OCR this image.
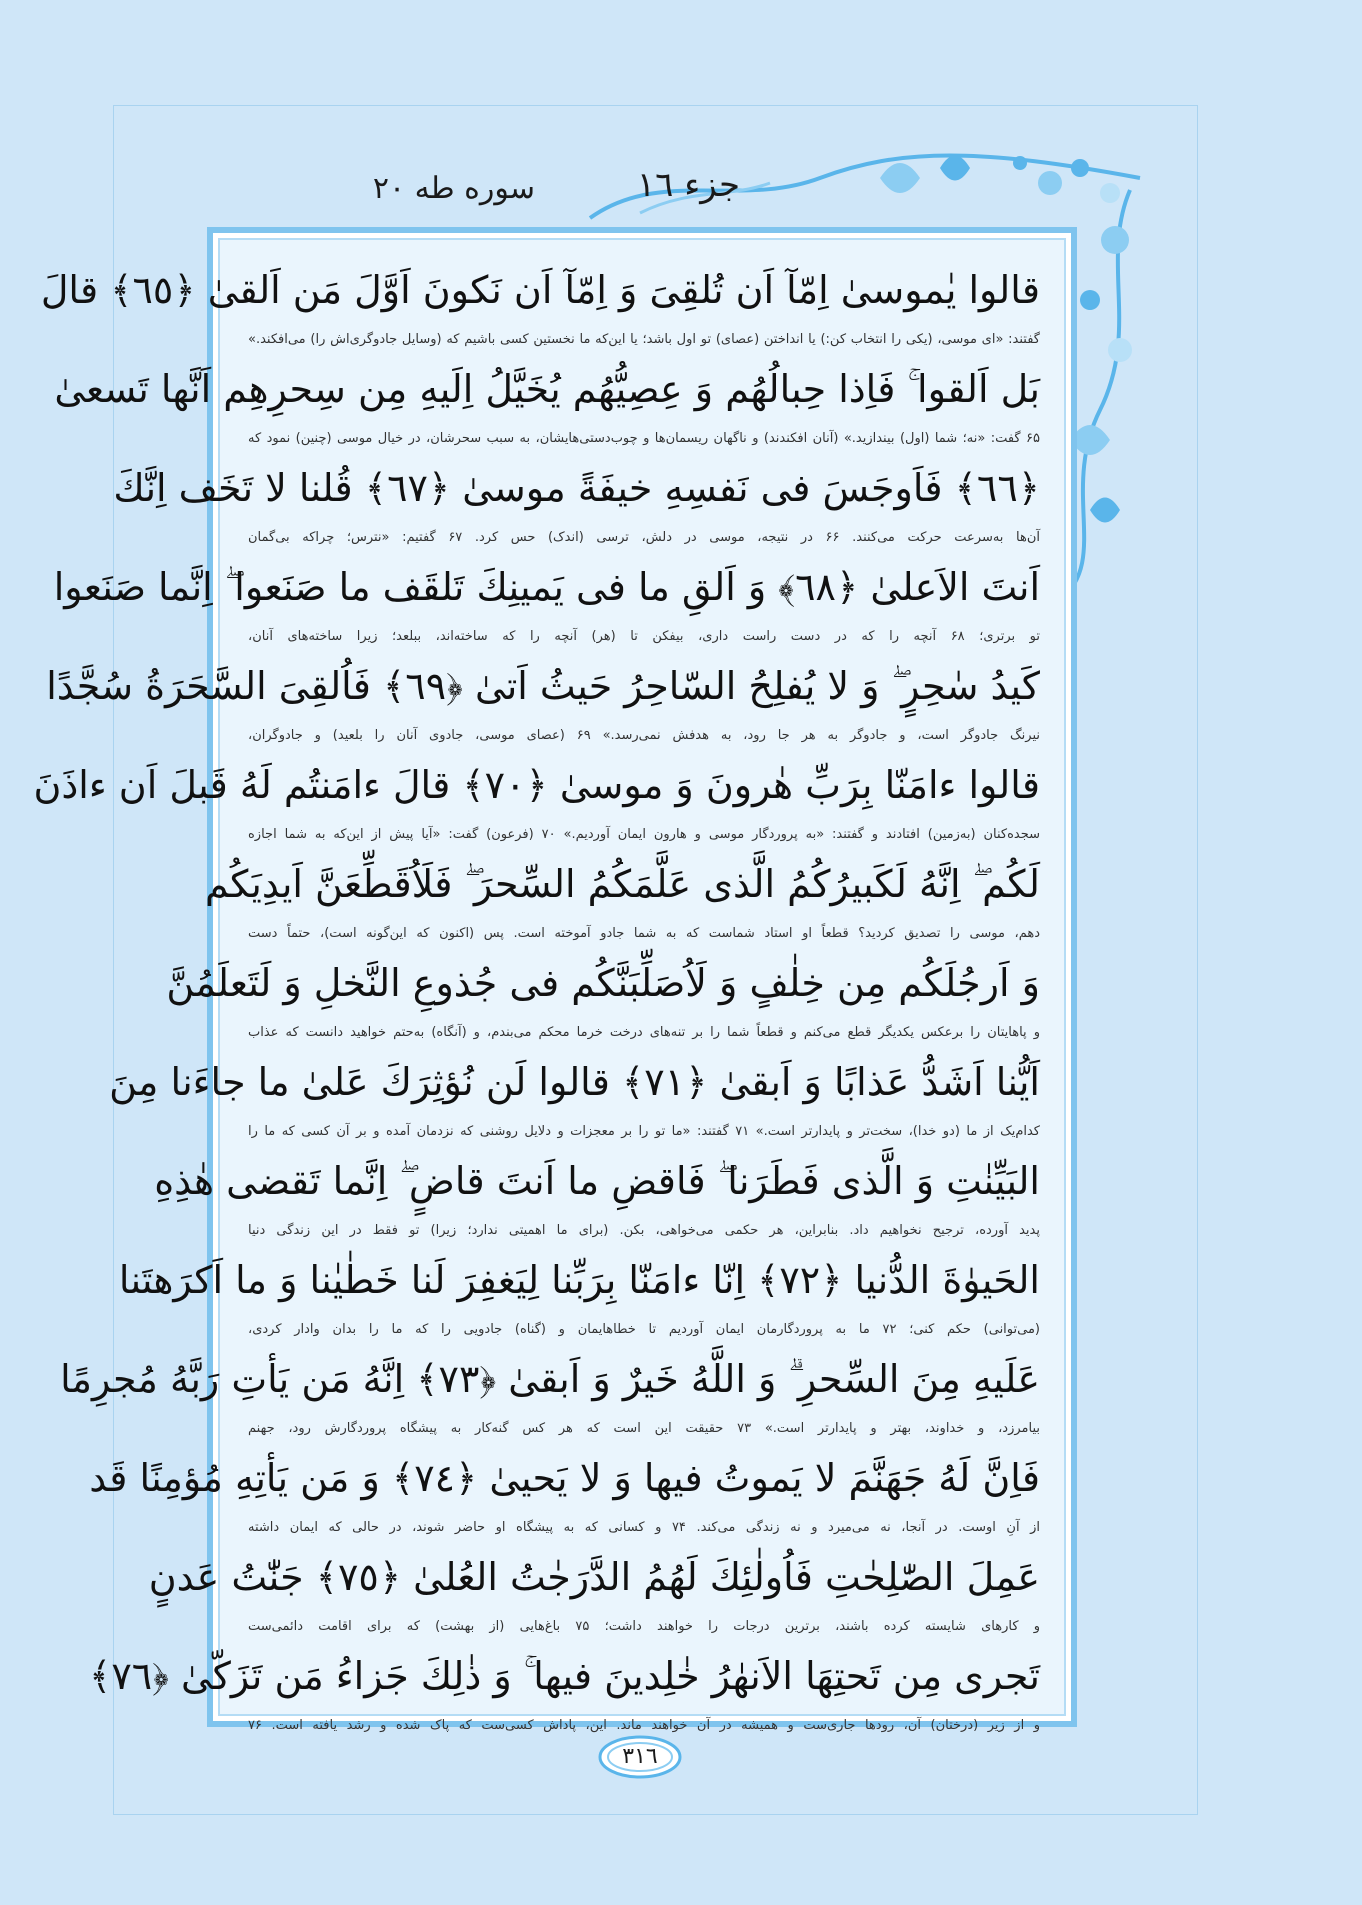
جزء ١٦
سوره طه ٢٠
قالوا يٰموسىٰ اِمّآ اَن تُلقِىَ وَ اِمّآ اَن نَكونَ اَوَّلَ مَن اَلقىٰ ﴿٦٥﴾ قالَ
گفتند: «ای موسی، (یکی را انتخاب کن:) یا انداختن (عصای) تو اول باشد؛ یا این‌که ما نخستین کسی باشیم که (وسایل جادوگری‌اش را) می‌افکند.»
بَل اَلقوا ۚ فَاِذا حِبالُهُم وَ عِصِيُّهُم يُخَيَّلُ اِلَيهِ مِن سِحرِهِم اَنَّها تَسعىٰ
۶۵ گفت: «نه؛ شما (اول) بیندازید.» (آنان افکندند) و ناگهان ریسمان‌ها و چوب‌دستی‌هایشان، به سبب سحرشان، در خیال موسی (چنین) نمود که
﴿٦٦﴾ فَاَوجَسَ فى نَفسِهِ خيفَةً موسىٰ ﴿٦٧﴾ قُلنا لا تَخَف اِنَّكَ
آن‌ها به‌سرعت حرکت می‌کنند. ۶۶ در نتیجه، موسی در دلش، ترسی (اندک) حس کرد. ۶۷ گفتیم: «نترس؛ چراکه بی‌گمان
اَنتَ الاَعلىٰ ﴿٦٨﴾ وَ اَلقِ ما فى يَمينِكَ تَلقَف ما صَنَعوا ۖ اِنَّما صَنَعوا
تو برتری؛ ۶۸ آنچه را که در دست راست داری، بیفکن تا (هر) آنچه را که ساخته‌اند، ببلعد؛ زیرا ساخته‌های آنان،
كَيدُ سٰحِرٍ ۖ وَ لا يُفلِحُ السّاحِرُ حَيثُ اَتىٰ ﴿٦٩﴾ فَاُلقِىَ السَّحَرَةُ سُجَّدًا
نیرنگ جادوگر است، و جادوگر به هر جا رود، به هدفش نمی‌رسد.» ۶۹ (عصای موسی، جادوی آنان را بلعید) و جادوگران،
قالوا ءامَنّا بِرَبِّ هٰرونَ وَ موسىٰ ﴿٧٠﴾ قالَ ءامَنتُم لَهُ قَبلَ اَن ءاذَنَ
سجده‌کنان (به‌زمین) افتادند و گفتند: «به پروردگار موسی و هارون ایمان آوردیم.» ۷۰ (فرعون) گفت: «آیا پیش از این‌که به شما اجازه
لَكُم ۖ اِنَّهُ لَكَبيرُكُمُ الَّذى عَلَّمَكُمُ السِّحرَ ۖ فَلَاُقَطِّعَنَّ اَيدِيَكُم
دهم، موسی را تصدیق کردید؟ قطعاً او استاد شماست که به شما جادو آموخته است. پس (اکنون که این‌گونه است)، حتماً دست
وَ اَرجُلَكُم مِن خِلٰفٍ وَ لَاُصَلِّبَنَّكُم فى جُذوعِ النَّخلِ وَ لَتَعلَمُنَّ
و پاهایتان را برعکس یکدیگر قطع می‌کنم و قطعاً شما را بر تنه‌های درخت خرما محکم می‌بندم، و (آنگاه) به‌حتم خواهید دانست که عذاب
اَيُّنا اَشَدُّ عَذابًا وَ اَبقىٰ ﴿٧١﴾ قالوا لَن نُؤثِرَكَ عَلىٰ ما جاءَنا مِنَ
کدام‌یک از ما (دو خدا)، سخت‌تر و پایدارتر است.» ۷۱ گفتند: «ما تو را بر معجزات و دلایل روشنی که نزدمان آمده و بر آن کسی که ما را
البَيِّنٰتِ وَ الَّذى فَطَرَنا ۖ فَاقضِ ما اَنتَ قاضٍ ۖ اِنَّما تَقضى هٰذِهِ
پدید آورده، ترجیح نخواهیم داد. بنابراین، هر حکمی می‌خواهی، بکن. (برای ما اهمیتی ندارد؛ زیرا) تو فقط در این زندگی دنیا
الحَيوٰةَ الدُّنيا ﴿٧٢﴾ اِنّا ءامَنّا بِرَبِّنا لِيَغفِرَ لَنا خَطٰيٰنا وَ ما اَكرَهتَنا
(می‌توانی) حکم کنی؛ ۷۲ ما به پروردگارمان ایمان آوردیم تا خطاهایمان و (گناه) جادویی را که ما را بدان وادار کردی،
عَلَيهِ مِنَ السِّحرِ ۗ وَ اللَّهُ خَيرٌ وَ اَبقىٰ ﴿٧٣﴾ اِنَّهُ مَن يَأتِ رَبَّهُ مُجرِمًا
بیامرزد، و خداوند، بهتر و پایدارتر است.» ۷۳ حقیقت این است که هر کس گنه‌کار به پیشگاه پروردگارش رود، جهنم
فَاِنَّ لَهُ جَهَنَّمَ لا يَموتُ فيها وَ لا يَحيىٰ ﴿٧٤﴾ وَ مَن يَأتِهِ مُؤمِنًا قَد
از آنِ اوست. در آنجا، نه می‌میرد و نه زندگی می‌کند. ۷۴ و کسانی که به پیشگاه او حاضر شوند، در حالی که ایمان داشته
عَمِلَ الصّٰلِحٰتِ فَاُولٰئِكَ لَهُمُ الدَّرَجٰتُ العُلىٰ ﴿٧٥﴾ جَنّٰتُ عَدنٍ
و کارهای شایسته کرده باشند، برترین درجات را خواهند داشت؛ ۷۵ باغ‌هایی (از بهشت) که برای اقامت دائمی‌ست
تَجرى مِن تَحتِهَا الاَنهٰرُ خٰلِدينَ فيها ۚ وَ ذٰلِكَ جَزاءُ مَن تَزَكّىٰ ﴿٧٦﴾
و از زیر (درختان) آن، رودها جاری‌ست و همیشه در آن خواهند ماند. این، پاداش کسی‌ست که پاک شده و رشد یافته است. ۷۶
٣١٦
